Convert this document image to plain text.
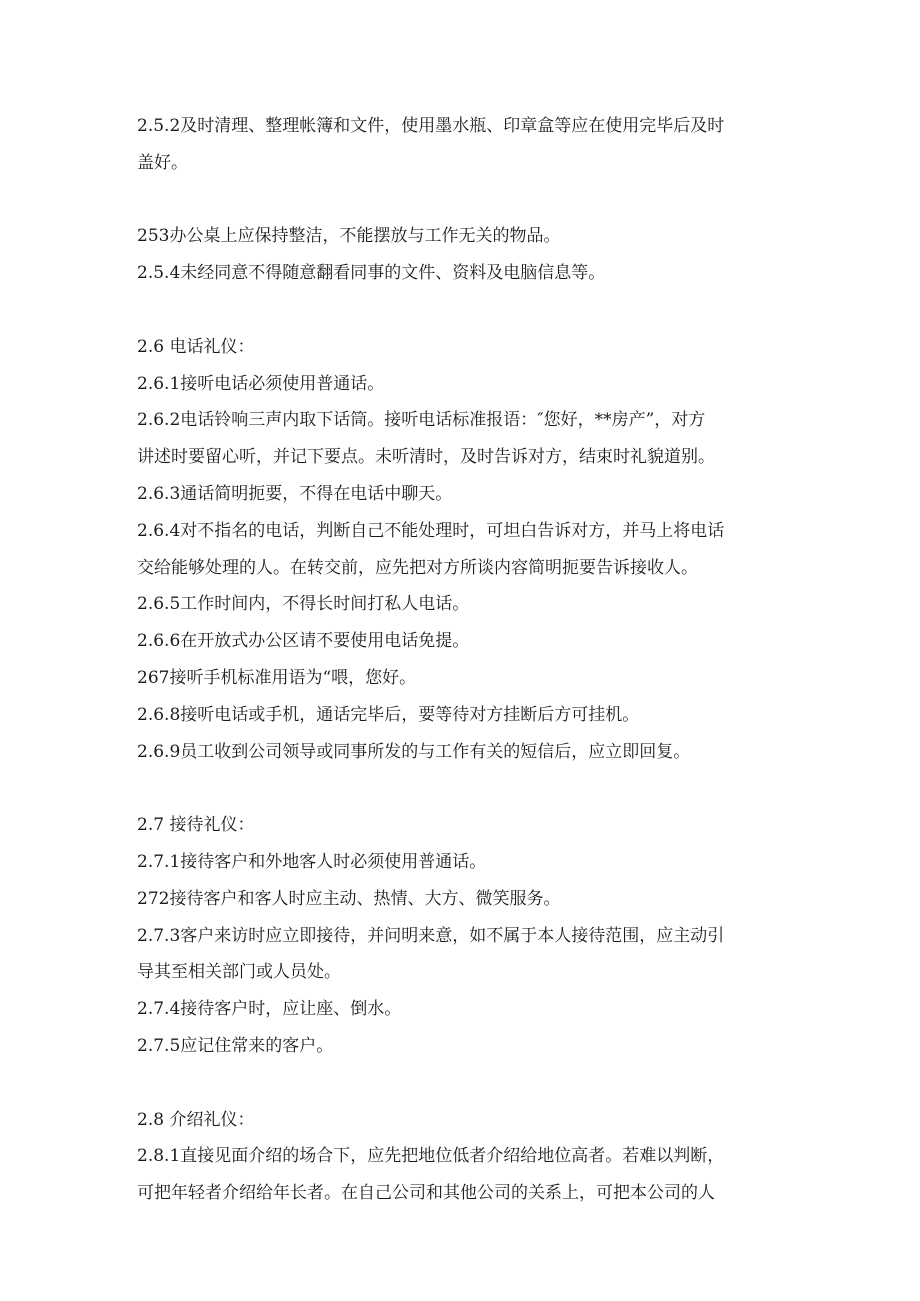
2.5.2及时清理、整理帐簿和文件，使用墨水瓶、印章盒等应在使用完毕后及时
盖好。
253办公桌上应保持整洁，不能摆放与工作无关的物品。
2.5.4未经同意不得随意翻看同事的文件、资料及电脑信息等。
2.6 电话礼仪：
2.6.1接听电话必须使用普通话。
2.6.2电话铃响三声内取下话筒。接听电话标准报语：″您好，**房产”，对方
讲述时要留心听，并记下要点。未听清时，及时告诉对方，结束时礼貌道别。
2.6.3通话简明扼要，不得在电话中聊天。
2.6.4对不指名的电话，判断自己不能处理时，可坦白告诉对方，并马上将电话
交给能够处理的人。在转交前，应先把对方所谈内容简明扼要告诉接收人。
2.6.5工作时间内，不得长时间打私人电话。
2.6.6在开放式办公区请不要使用电话免提。
267接听手机标准用语为“喂，您好。
2.6.8接听电话或手机，通话完毕后，要等待对方挂断后方可挂机。
2.6.9员工收到公司领导或同事所发的与工作有关的短信后，应立即回复。
2.7 接待礼仪：
2.7.1接待客户和外地客人时必须使用普通话。
272接待客户和客人时应主动、热情、大方、微笑服务。
2.7.3客户来访时应立即接待，并问明来意，如不属于本人接待范围，应主动引
导其至相关部门或人员处。
2.7.4接待客户时，应让座、倒水。
2.7.5应记住常来的客户。
2.8 介绍礼仪：
2.8.1直接见面介绍的场合下，应先把地位低者介绍给地位高者。若难以判断，
可把年轻者介绍给年长者。在自己公司和其他公司的关系上，可把本公司的人
